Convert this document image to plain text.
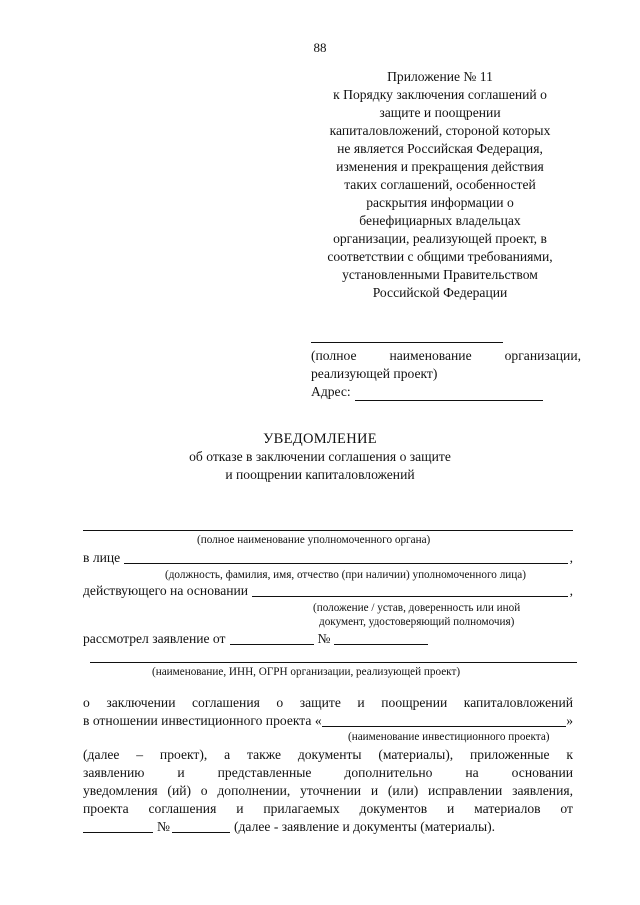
88
Приложение № 11
к Порядку заключения соглашений о
защите и поощрении
капиталовложений, стороной которых
не является Российская Федерация,
изменения и прекращения действия
таких соглашений, особенностей
раскрытия информации о
бенефициарных владельцах
организации, реализующей проект, в
соответствии с общими требованиями,
установленными Правительством
Российской Федерации
(полное наименование организации,
реализующей проект)
Адрес:
УВЕДОМЛЕНИЕ
об отказе в заключении соглашения о защите
и поощрении капиталовложений
(полное наименование уполномоченного органа)
в лице	,
(должность, фамилия, имя, отчество (при наличии) уполномоченного лица)
действующего на основании	,
(положение / устав, доверенность или иной
документ, удостоверяющий полномочия)
рассмотрел заявление от	№
(наименование, ИНН, ОГРН организации, реализующей проект)
о заключении соглашения о защите и поощрении капиталовложений
в отношении инвестиционного проекта «	»
(наименование инвестиционного проекта)
(далее – проект), а также документы (материалы), приложенные к
заявлению и представленные дополнительно на основании
уведомления (ий) о дополнении, уточнении и (или) исправлении заявления,
проекта соглашения и прилагаемых документов и материалов от
№	(далее - заявление и документы (материалы).
